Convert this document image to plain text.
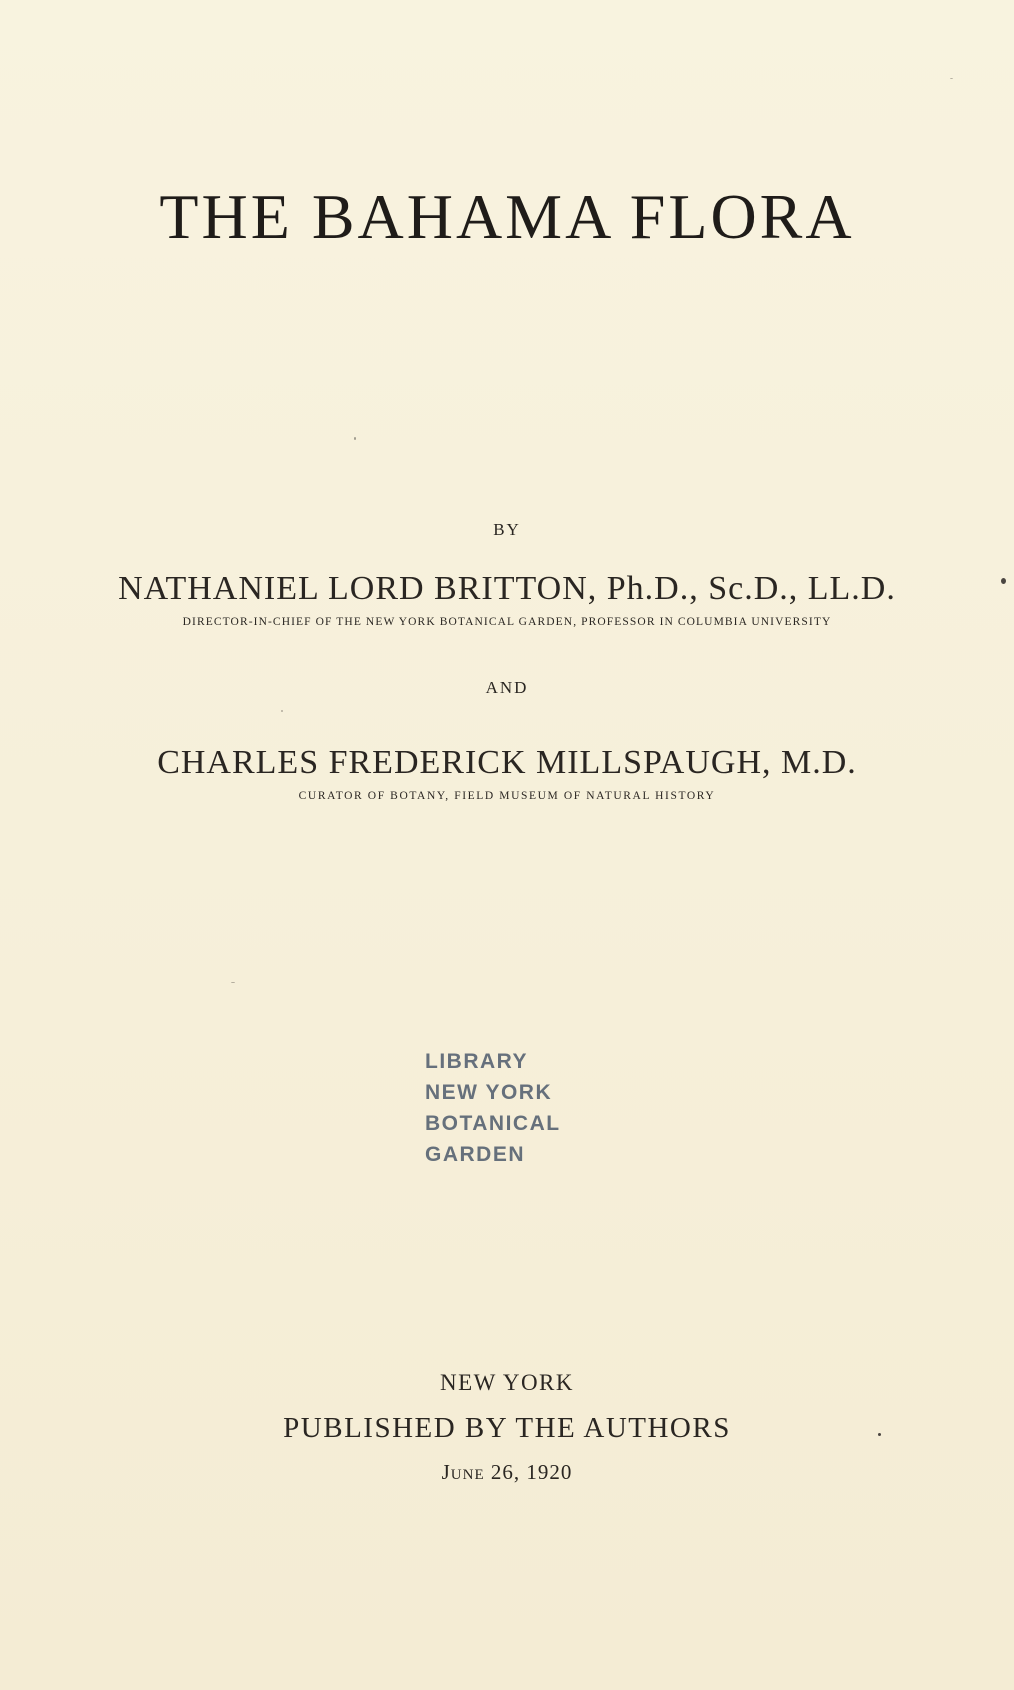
THE BAHAMA FLORA
BY
NATHANIEL LORD BRITTON, Ph.D., Sc.D., LL.D.
DIRECTOR-IN-CHIEF OF THE NEW YORK BOTANICAL GARDEN, PROFESSOR IN COLUMBIA UNIVERSITY
AND
CHARLES FREDERICK MILLSPAUGH, M.D.
CURATOR OF BOTANY, FIELD MUSEUM OF NATURAL HISTORY
LIBRARY
NEW YORK
BOTANICAL
GARDEN
NEW YORK
PUBLISHED BY THE AUTHORS
June 26, 1920
